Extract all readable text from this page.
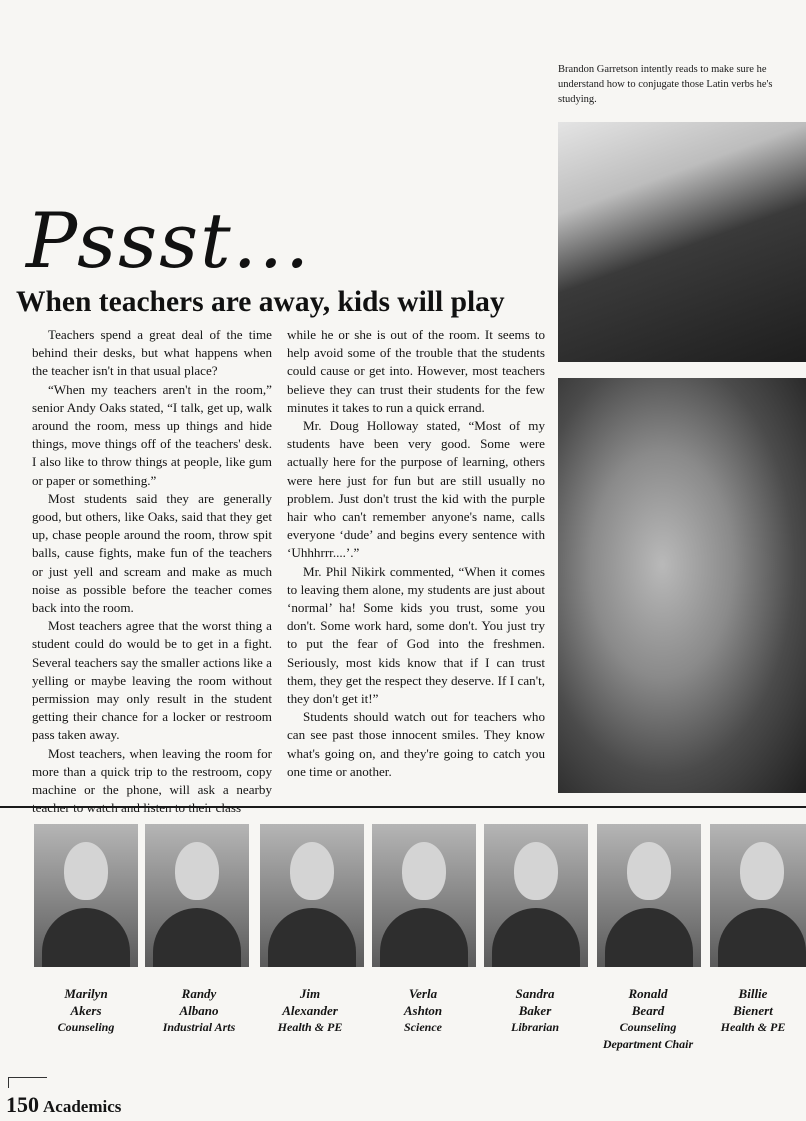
Brandon Garretson intently reads to make sure he understand how to conjugate those Latin verbs he's studying.
Pssst...
When teachers are away, kids will play

Teachers spend a great deal of the time behind their desks, but what happens when the teacher isn't in that usual place?

“When my teachers aren't in the room,” senior Andy Oaks stated, “I talk, get up, walk around the room, mess up things and hide things, move things off of the teachers' desk. I also like to throw things at people, like gum or paper or something.”

Most students said they are generally good, but others, like Oaks, said that they get up, chase people around the room, throw spit balls, cause fights, make fun of the teachers or just yell and scream and make as much noise as possible before the teacher comes back into the room.

Most teachers agree that the worst thing a student could do would be to get in a fight. Several teachers say the smaller actions like a yelling or maybe leaving the room without permission may only result in the student getting their chance for a locker or restroom pass taken away.

Most teachers, when leaving the room for more than a quick trip to the restroom, copy machine or the phone, will ask a nearby

while he or she is out of the room. It seems to help avoid some of the trouble that the students could cause or get into. However, most teachers believe they can trust their students for the few minutes it takes to run a quick errand.

Mr. Doug Holloway stated, “Most of my students have been very good. Some were actually here for the purpose of learning, others were here just for fun but are still usually no problem. Just don't trust the kid with the purple hair who can't remember anyone's name, calls everyone ‘dude’ and begins every sentence with ‘Uhhhrrr....’.”

Mr. Phil Nikirk commented, “When it comes to leaving them alone, my students are just about ‘normal’ ha! Some kids you trust, some you don't. Some work hard, some don't. You just try to put the fear of God into the freshmen. Seriously, most kids know that if I can trust them, they get the respect they deserve. If I can't, they don't get it!”

Students should watch out for teachers who can see past those innocent smiles. They know what's going on, and they're going to catch you one time or another.

Marilyn
Akers
Counseling
Randy
Albano
Industrial Arts
Jim
Alexander
Health & PE
Verla
Ashton
Science
Sandra
Baker
Librarian
Ronald
Beard
Counseling
Department Chair
Billie
Bienert
Health & PE
150 Academics
